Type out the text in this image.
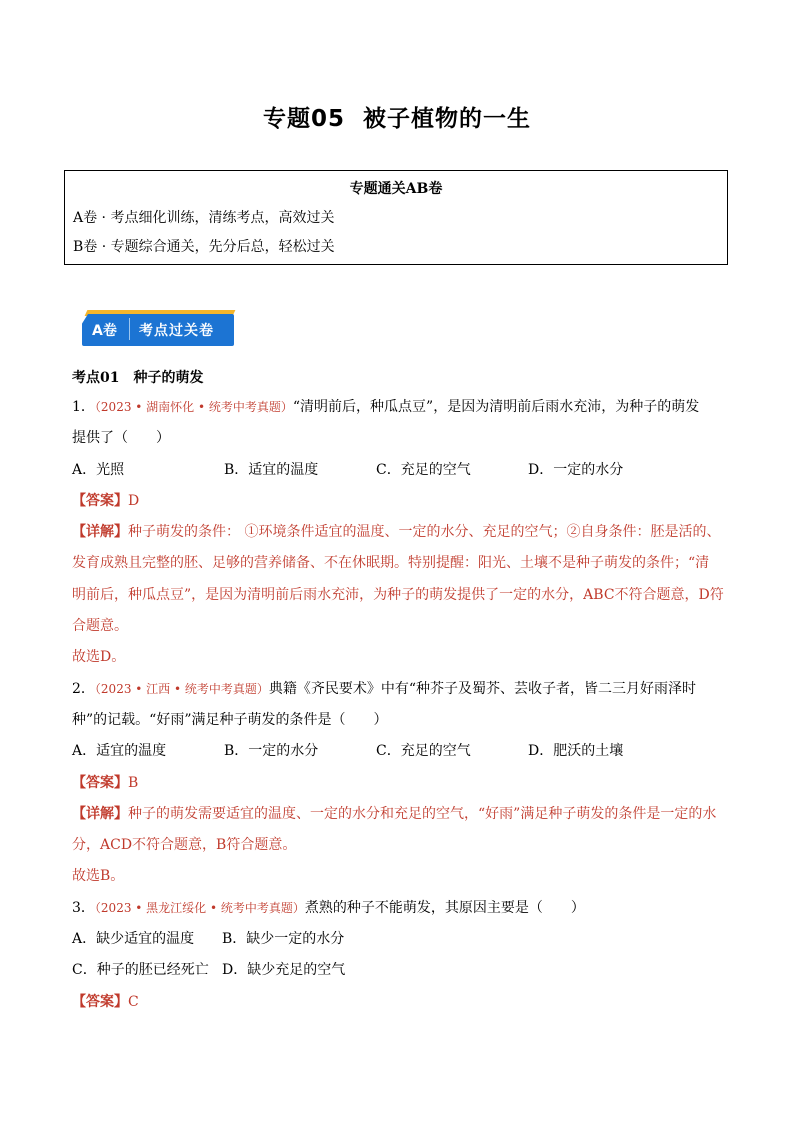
专题05 被子植物的一生
专题通关AB卷
A卷 · 考点细化训练，清练考点，高效过关
B卷 · 专题综合通关，先分后总，轻松过关
A卷 考点过关卷
考点01 种子的萌发
1．（2023 • 湖南怀化 • 统考中考真题）“清明前后，种瓜点豆”，是因为清明前后雨水充沛，为种子的萌发
提供了（　　）
A．光照	B．适宜的温度	C．充足的空气	D．一定的水分
【答案】D
【详解】种子萌发的条件： ①环境条件适宜的温度、一定的水分、充足的空气；②自身条件：胚是活的、
发育成熟且完整的胚、足够的营养储备、不在休眠期。特别提醒：阳光、土壤不是种子萌发的条件；“清
明前后，种瓜点豆”，是因为清明前后雨水充沛，为种子的萌发提供了一定的水分，ABC不符合题意，D符
合题意。
故选D。
2．（2023 • 江西 • 统考中考真题）典籍《齐民要术》中有“种芥子及蜀芥、芸收子者，皆二三月好雨泽时
种”的记载。“好雨”满足种子萌发的条件是（　　）
A．适宜的温度	B．一定的水分	C．充足的空气	D．肥沃的土壤
【答案】B
【详解】种子的萌发需要适宜的温度、一定的水分和充足的空气，“好雨”满足种子萌发的条件是一定的水
分，ACD不符合题意，B符合题意。
故选B。
3．（2023 • 黑龙江绥化 • 统考中考真题）煮熟的种子不能萌发，其原因主要是（　　）
A．缺少适宜的温度	B．缺少一定的水分
C．种子的胚已经死亡 D．缺少充足的空气
【答案】C
